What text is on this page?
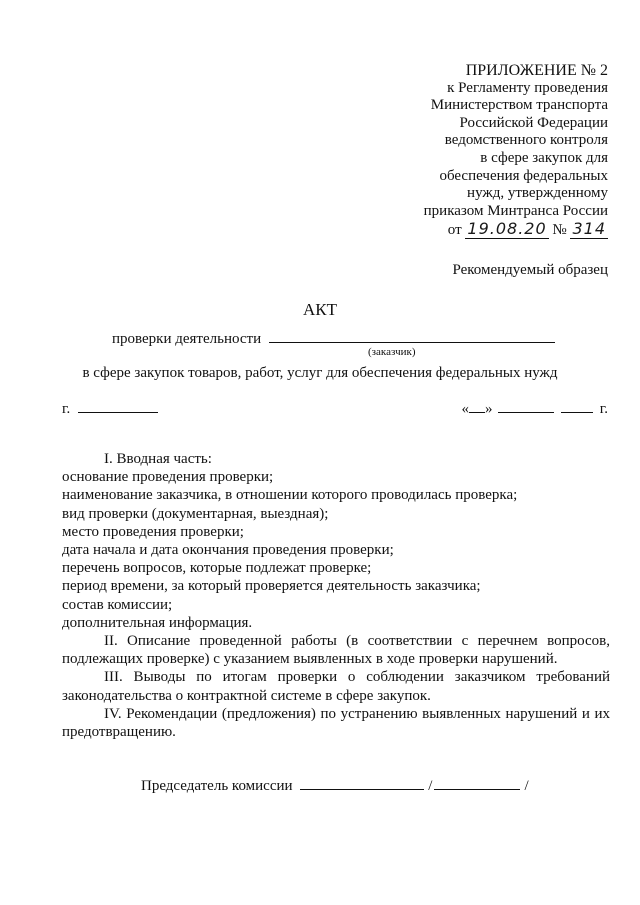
ПРИЛОЖЕНИЕ № 2
к Регламенту проведения
Министерством транспорта
Российской Федерации
ведомственного контроля
в сфере закупок для
обеспечения федеральных
нужд, утвержденному
приказом Минтранса России
от 19.08.20 № 314
Рекомендуемый образец
АКТ
проверки деятельности
(заказчик)
в сфере закупок товаров, работ, услуг для обеспечения федеральных нужд
г.	« »	г.

I. Вводная часть:

основание проведения проверки;

наименование заказчика, в отношении которого проводилась проверка;

вид проверки (документарная, выездная);

место проведения проверки;

дата начала и дата окончания проведения проверки;

перечень вопросов, которые подлежат проверке;

период времени, за который проверяется деятельность заказчика;

состав комиссии;

дополнительная информация.

II. Описание проведенной работы (в соответствии с перечнем вопросов, подлежащих проверке) с указанием выявленных в ходе проверки нарушений.

III. Выводы по итогам проверки о соблюдении заказчиком требований законодательства о контрактной системе в сфере закупок.

IV. Рекомендации (предложения) по устранению выявленных нарушений и их предотвращению.

Председатель комиссии	/	/
